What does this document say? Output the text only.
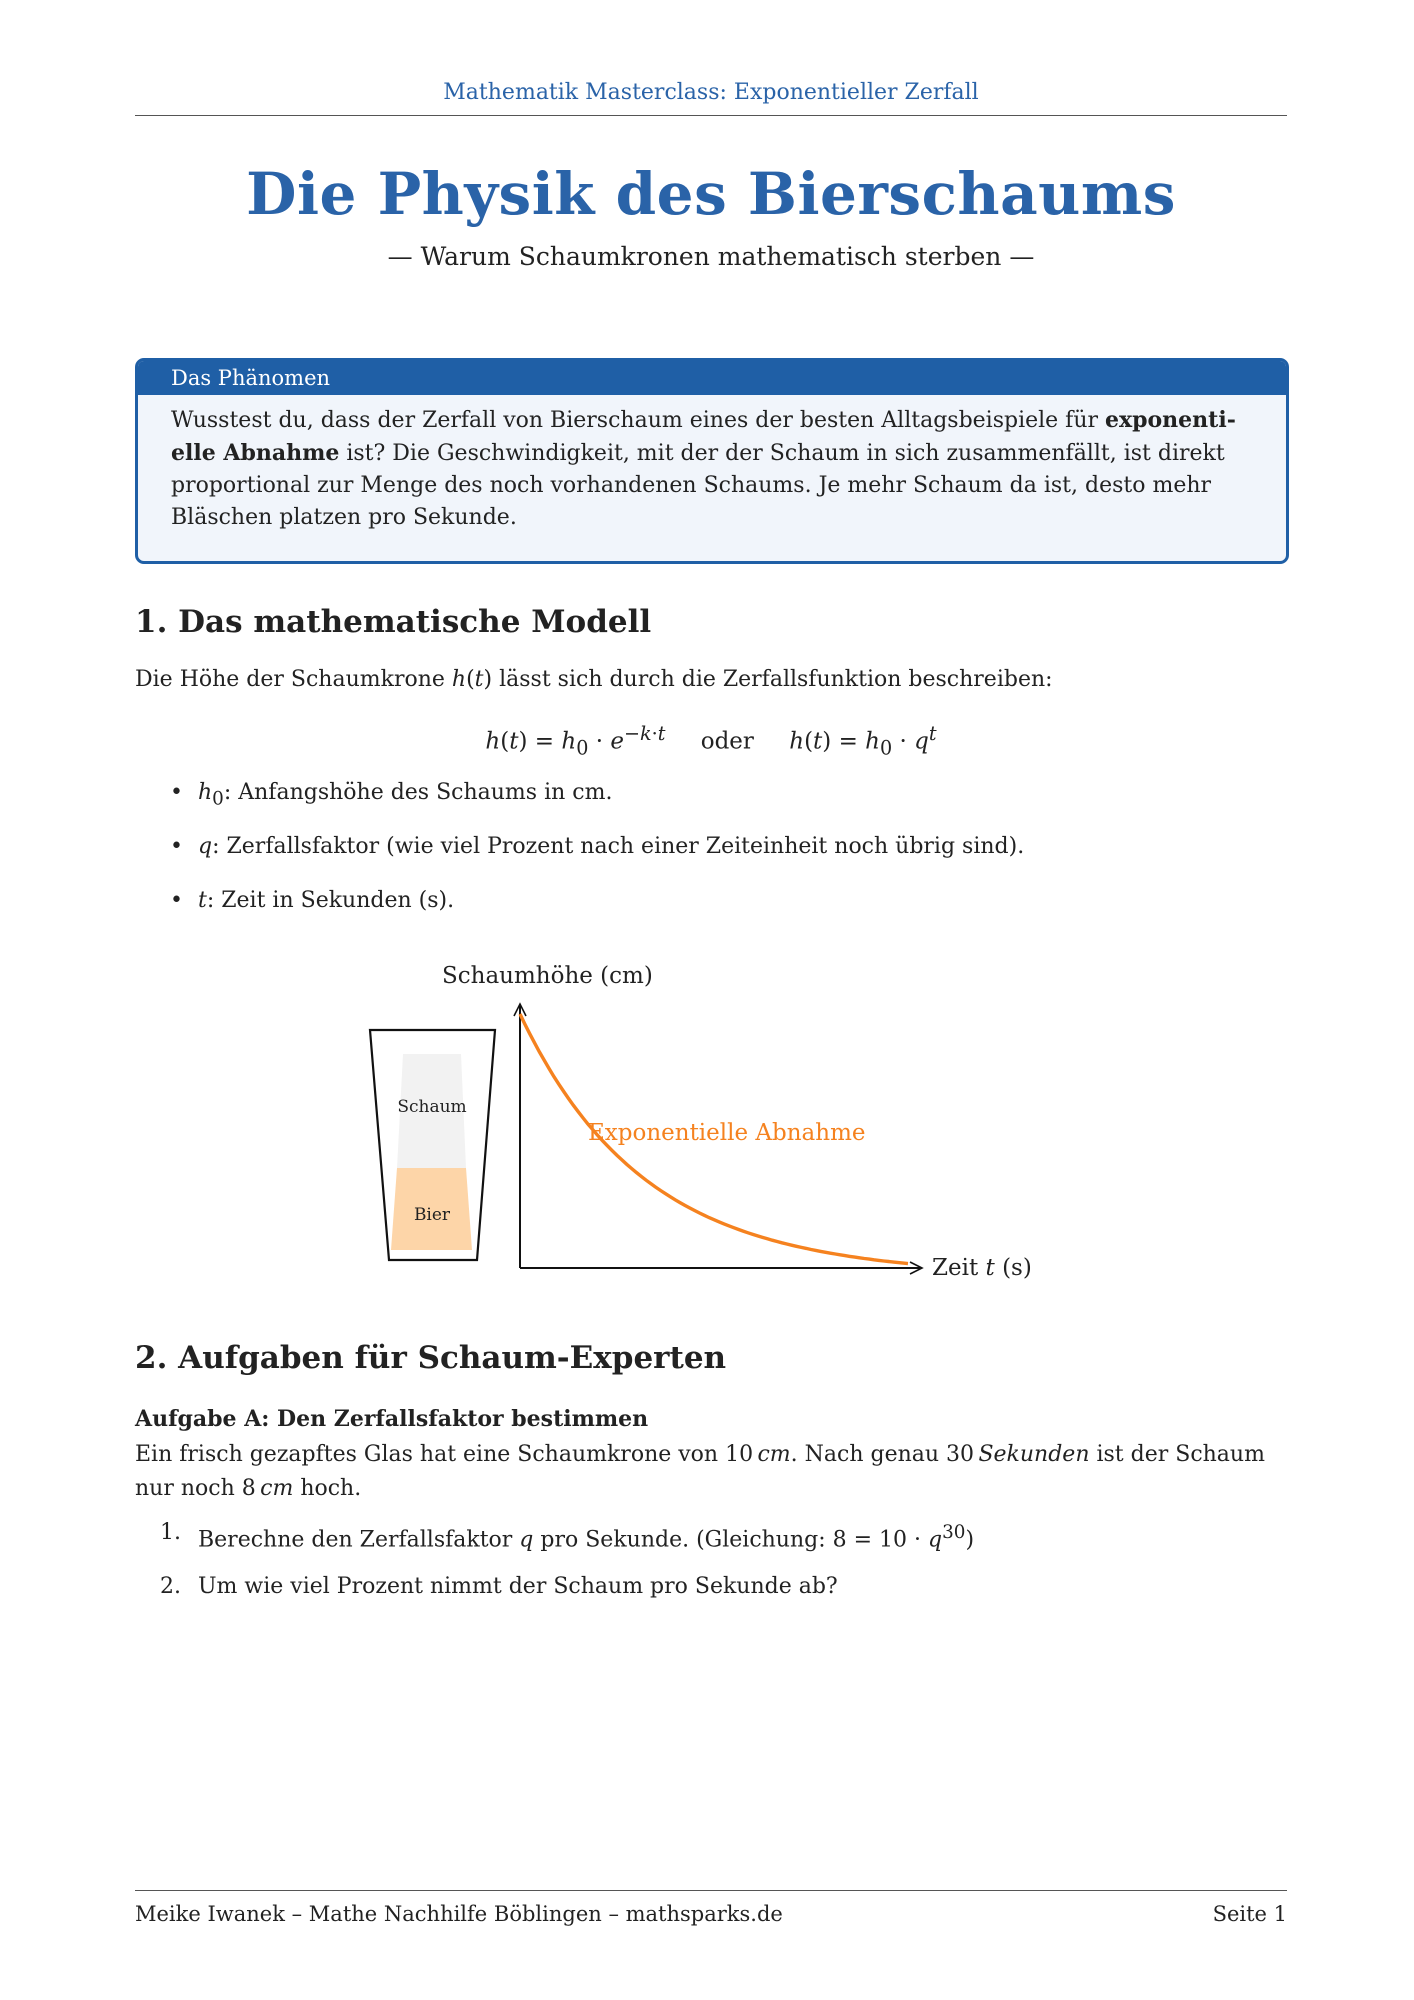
Mathematik Masterclass: Exponentieller Zerfall
Die Physik des Bierschaums
— Warum Schaumkronen mathematisch sterben —
Das Phänomen
Wusstest du, dass der Zerfall von Bierschaum eines der besten Alltagsbeispiele für exponenti-
elle Abnahme ist? Die Geschwindigkeit, mit der der Schaum in sich zusammenfällt, ist direkt proportional zur Menge des noch vorhandenen Schaums. Je mehr Schaum da ist, desto mehr Bläschen platzen pro Sekunde.
1. Das mathematische Modell
Die Höhe der Schaumkrone h(t) lässt sich durch die Zerfallsfunktion beschreiben:
$h(t) = h_0 \cdot e^{-k\cdot t}$ oder $h(t) = h_0 \cdot q^t$
• $h_0$: Anfangshöhe des Schaums in cm.
• q: Zerfallsfaktor (wie viel Prozent nach einer Zeiteinheit noch übrig sind).
• t: Zeit in Sekunden (s).
Schaum
Bier
Schaumhöhe (cm)
Zeit t (s)
Exponentielle Abnahme
2. Aufgaben für Schaum-Experten
Aufgabe A: Den Zerfallsfaktor bestimmen
Ein frisch gezapftes Glas hat eine Schaumkrone von 10 cm. Nach genau 30 Sekunden ist der Schaum nur noch 8 cm hoch.
1. Berechne den Zerfallsfaktor q pro Sekunde. (Gleichung: $8 = 10 \cdot q^{30}$)
2. Um wie viel Prozent nimmt der Schaum pro Sekunde ab?
Meike Iwanek – Mathe Nachhilfe Böblingen – mathsparks.de	Seite 1
